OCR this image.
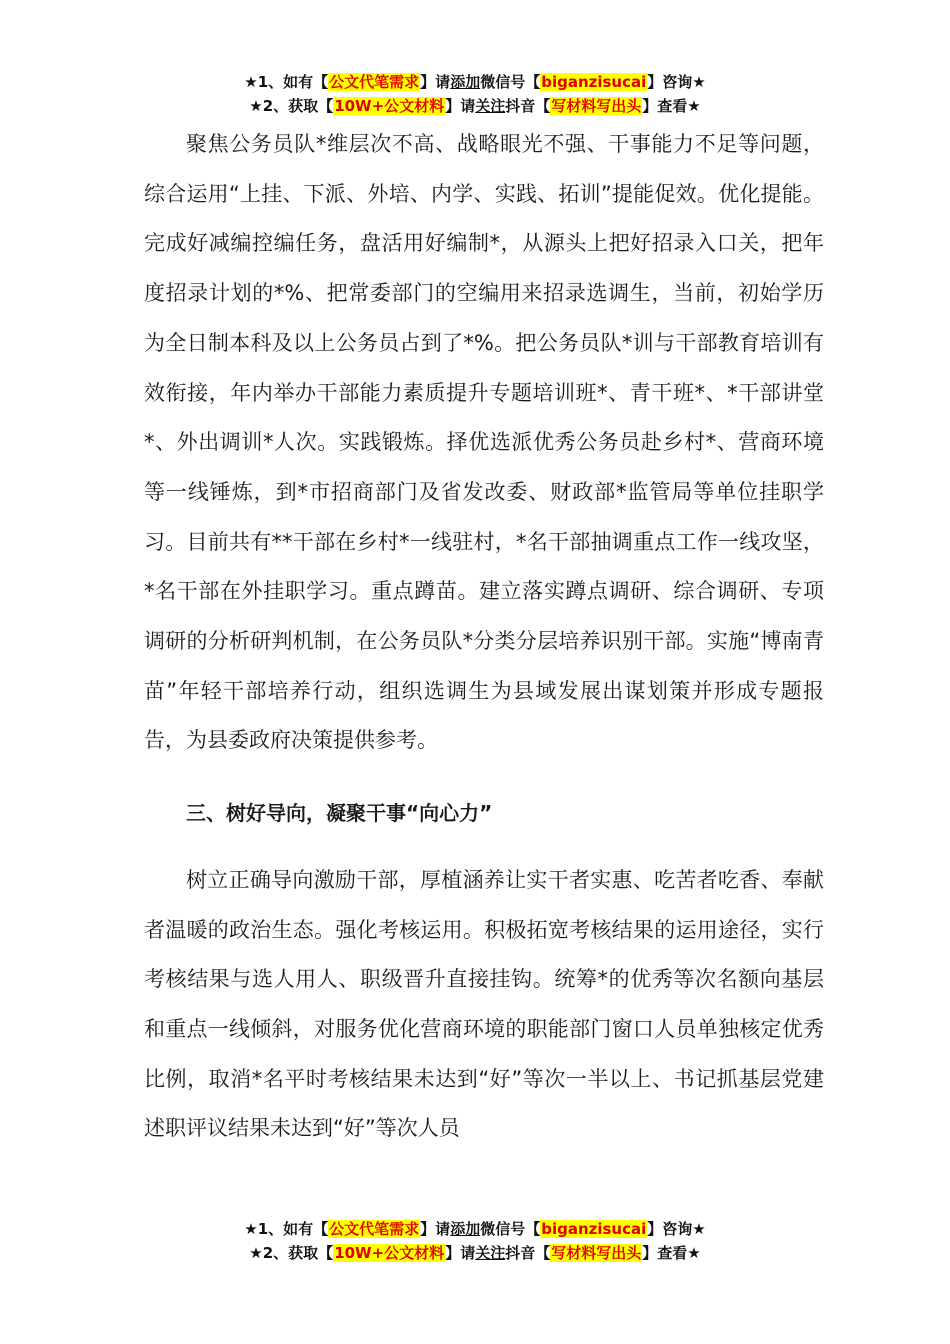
★1、如有【公文代笔需求】请添加微信号【biganzisucai】咨询★
★2、获取【10W+公文材料】请关注抖音【写材料写出头】查看★

聚焦公务员队*维层次不高、战略眼光不强、干事能力不足等问题，综合运用“上挂、下派、外培、内学、实践、拓训”提能促效。优化提能。完成好减编控编任务，盘活用好编制*，从源头上把好招录入口关，把年度招录计划的*%、把常委部门的空编用来招录选调生，当前，初始学历为全日制本科及以上公务员占到了*%。把公务员队*训与干部教育培训有效衔接，年内举办干部能力素质提升专题培训班*、青干班*、*干部讲堂*、外出调训*人次。实践锻炼。择优选派优秀公务员赴乡村*、营商环境等一线锤炼，到*市招商部门及省发改委、财政部*监管局等单位挂职学习。目前共有**干部在乡村*一线驻村，*名干部抽调重点工作一线攻坚，*名干部在外挂职学习。重点蹲苗。建立落实蹲点调研、综合调研、专项调研的分析研判机制，在公务员队*分类分层培养识别干部。实施“博南青苗”年轻干部培养行动，组织选调生为县域发展出谋划策并形成专题报告，为县委政府决策提供参考。

三、树好导向，凝聚干事“向心力”

树立正确导向激励干部，厚植涵养让实干者实惠、吃苦者吃香、奉献者温暖的政治生态。强化考核运用。积极拓宽考核结果的运用途径，实行考核结果与选人用人、职级晋升直接挂钩。统筹*的优秀等次名额向基层和重点一线倾斜，对服务优化营商环境的职能部门窗口人员单独核定优秀比例，取消*名平时考核结果未达到“好”等次一半以上、书记抓基层党建述职评议结果未达到“好”等次人员

★1、如有【公文代笔需求】请添加微信号【biganzisucai】咨询★
★2、获取【10W+公文材料】请关注抖音【写材料写出头】查看★
